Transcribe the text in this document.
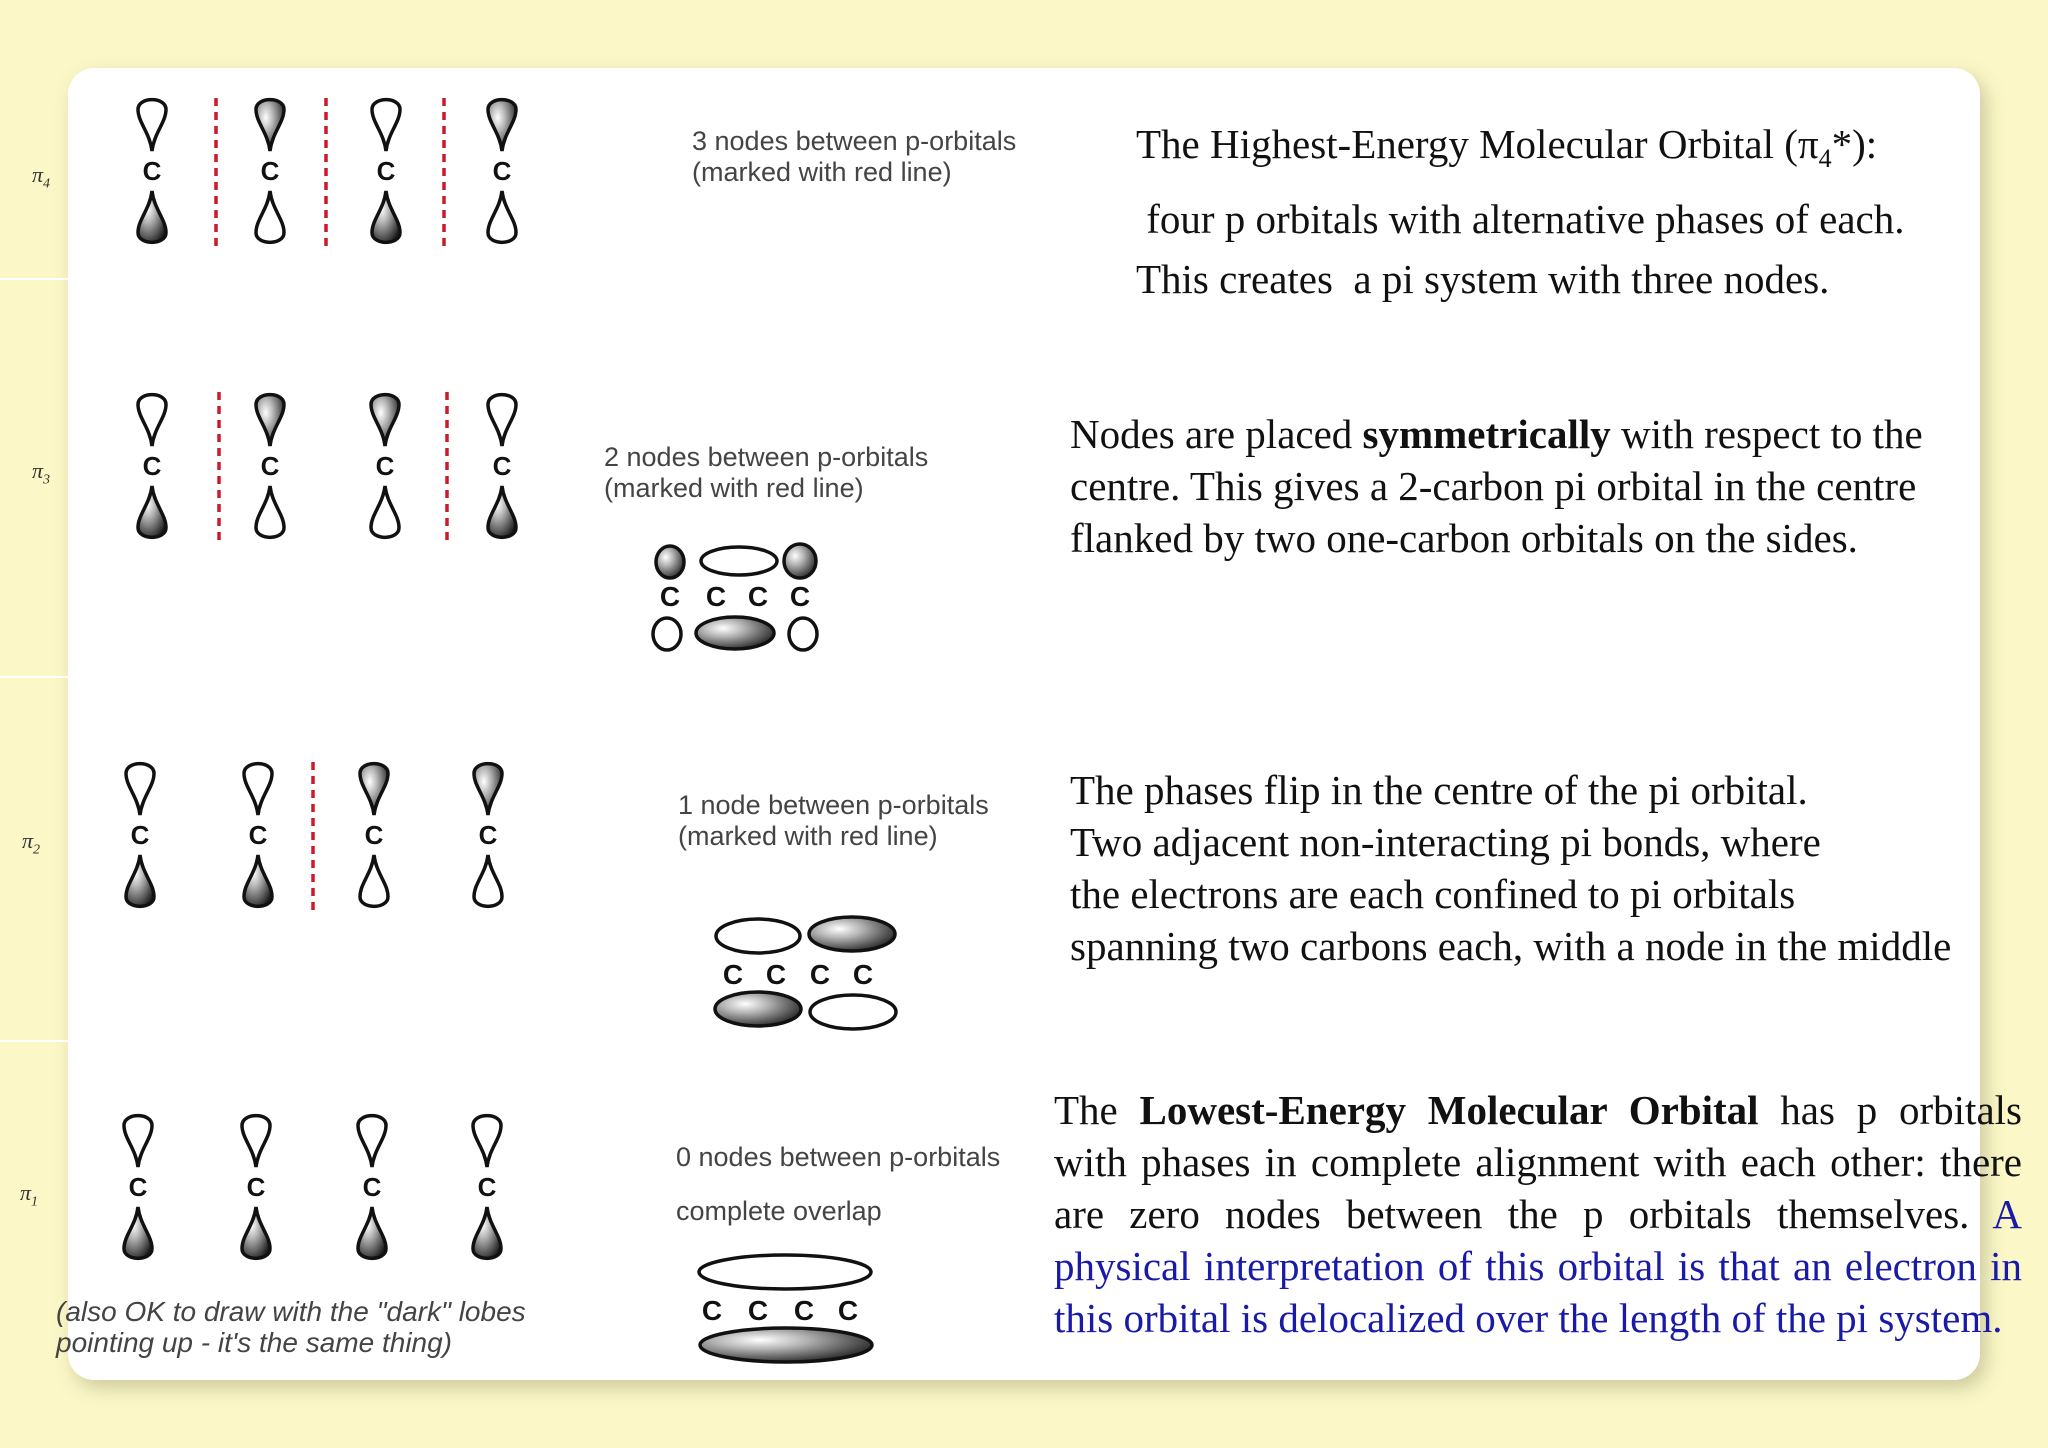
$\pi_4$
$\pi_3$
$\pi_2$
$\pi_1$
C	C	C	C
C	C	C	C
C	C	C	C
C	C	C	C
C C C C
C C C C
C C C C
3 nodes between p-orbitals
(marked with red line)
2 nodes between p-orbitals
(marked with red line)
1 node between p-orbitals
(marked with red line)
0 nodes between p-orbitals
complete overlap
(also OK to draw with the "dark" lobes
pointing up - it's the same thing)

The Highest-Energy Molecular Orbital $(\pi_4*)$:

four p orbitals with alternative phases of each.

This creates  a pi system with three nodes.

Nodes are placed symmetrically with respect to the centre. This gives a 2-carbon pi orbital in the centre flanked by two one-carbon orbitals on the sides.

The phases flip in the centre of the pi orbital.

Two adjacent non-interacting pi bonds, where

the electrons are each confined to pi orbitals

spanning two carbons each, with a node in the middle

The Lowest-Energy Molecular Orbital has p orbitals with phases in complete alignment with each other: there are zero nodes between the p orbitals themselves. A physical interpretation of this orbital is that an electron in this orbital is delocalized over the length of the pi system.
